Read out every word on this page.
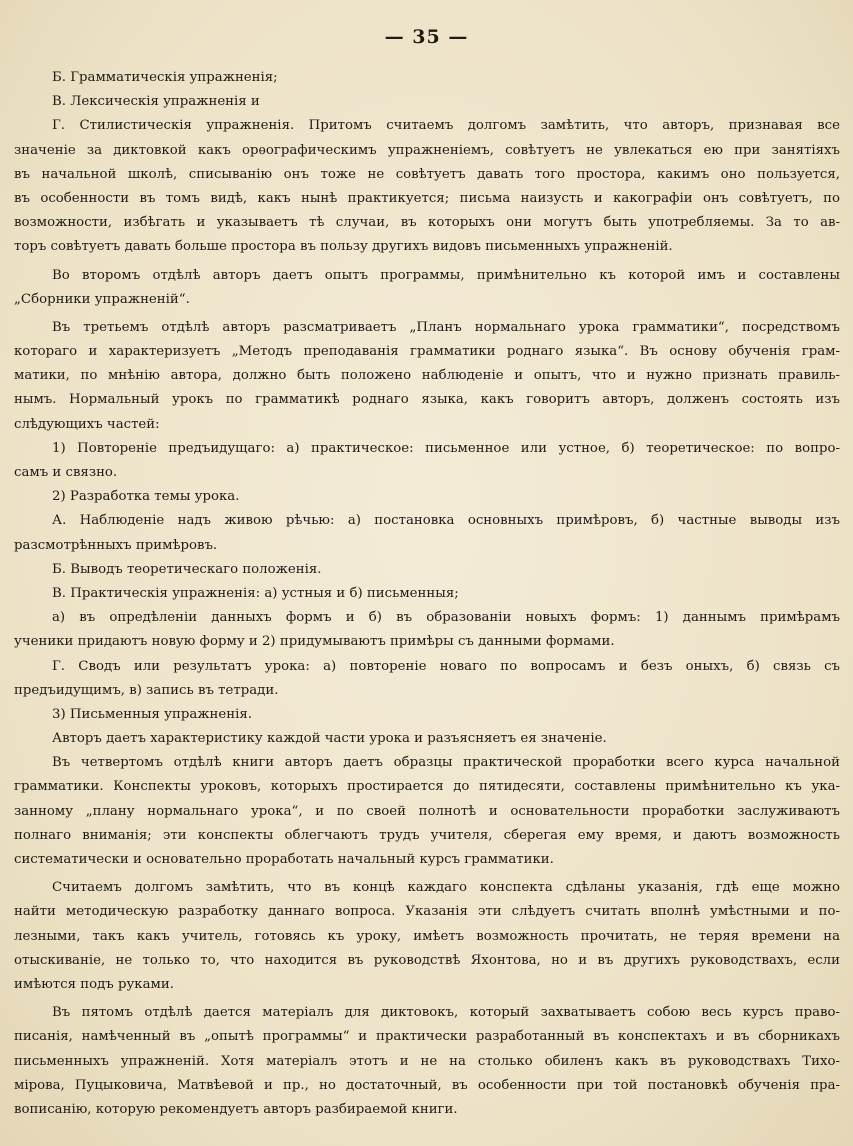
— 35 —
Б. Грамматическія упражненія;
В. Лексическія упражненія и
Г. Стилистическія упражненія. Притомъ считаемъ долгомъ замѣтить, что авторъ, признавая все
значеніе за диктовкой какъ орѳографическимъ упражненіемъ, совѣтуетъ не увлекаться ею при занятіяхъ
въ начальной школѣ, списыванію онъ тоже не совѣтуетъ давать того простора, какимъ оно пользуется,
въ особенности въ томъ видѣ, какъ нынѣ практикуется; письма наизусть и какографіи онъ совѣтуетъ, по
возможности, избѣгать и указываетъ тѣ случаи, въ которыхъ они могутъ быть употребляемы. За то ав-
торъ совѣтуетъ давать больше простора въ пользу другихъ видовъ письменныхъ упражненій.
Во второмъ отдѣлѣ авторъ даетъ опытъ программы, примѣнительно къ которой имъ и составлены
„Сборники упражненій“.
Въ третьемъ отдѣлѣ авторъ разсматриваетъ „Планъ нормальнаго урока грамматики“, посредствомъ
котораго и характеризуетъ „Методъ преподаванія грамматики роднаго языка“. Въ основу обученія грам-
матики, по мнѣнію автора, должно быть положено наблюденіе и опытъ, что и нужно признать правиль-
нымъ. Нормальный урокъ по грамматикѣ роднаго языка, какъ говоритъ авторъ, долженъ состоять изъ
слѣдующихъ частей:
1) Повтореніе предъидущаго: а) практическое: письменное или устное, б) теоретическое: по вопро-
самъ и связно.
2) Разработка темы урока.
А. Наблюденіе надъ живою рѣчью: а) постановка основныхъ примѣровъ, б) частные выводы изъ
разсмотрѣнныхъ примѣровъ.
Б. Выводъ теоретическаго положенія.
В. Практическія упражненія: а) устныя и б) письменныя;
а) въ опредѣленіи данныхъ формъ и б) въ образованіи новыхъ формъ: 1) даннымъ примѣрамъ
ученики придаютъ новую форму и 2) придумываютъ примѣры съ данными формами.
Г. Сводъ или результатъ урока: а) повтореніе новаго по вопросамъ и безъ оныхъ, б) связь съ
предъидущимъ, в) запись въ тетради.
3) Письменныя упражненія.
Авторъ даетъ характеристику каждой части урока и разъясняетъ ея значеніе.
Въ четвертомъ отдѣлѣ книги авторъ даетъ образцы практической проработки всего курса начальной
грамматики. Конспекты уроковъ, которыхъ простирается до пятидесяти, составлены примѣнительно къ ука-
занному „плану нормальнаго урока“, и по своей полнотѣ и основательности проработки заслуживаютъ
полнаго вниманія; эти конспекты облегчаютъ трудъ учителя, сберегая ему время, и даютъ возможность
систематически и основательно проработать начальный курсъ грамматики.
Считаемъ долгомъ замѣтить, что въ концѣ каждаго конспекта сдѣланы указанія, гдѣ еще можно
найти методическую разработку даннаго вопроса. Указанія эти слѣдуетъ считать вполнѣ умѣстными и по-
лезными, такъ какъ учитель, готовясь къ уроку, имѣетъ возможность прочитать, не теряя времени на
отыскиваніе, не только то, что находится въ руководствѣ Яхонтова, но и въ другихъ руководствахъ, если
имѣются подъ руками.
Въ пятомъ отдѣлѣ дается матеріалъ для диктовокъ, который захватываетъ собою весь курсъ право-
писанія, намѣченный въ „опытѣ программы“ и практически разработанный въ конспектахъ и въ сборникахъ
письменныхъ упражненій. Хотя матеріалъ этотъ и не на столько обиленъ какъ въ руководствахъ Тихо-
мірова, Пуцыковича, Матвѣевой и пр., но достаточный, въ особенности при той постановкѣ обученія пра-
вописанію, которую рекомендуетъ авторъ разбираемой книги.
